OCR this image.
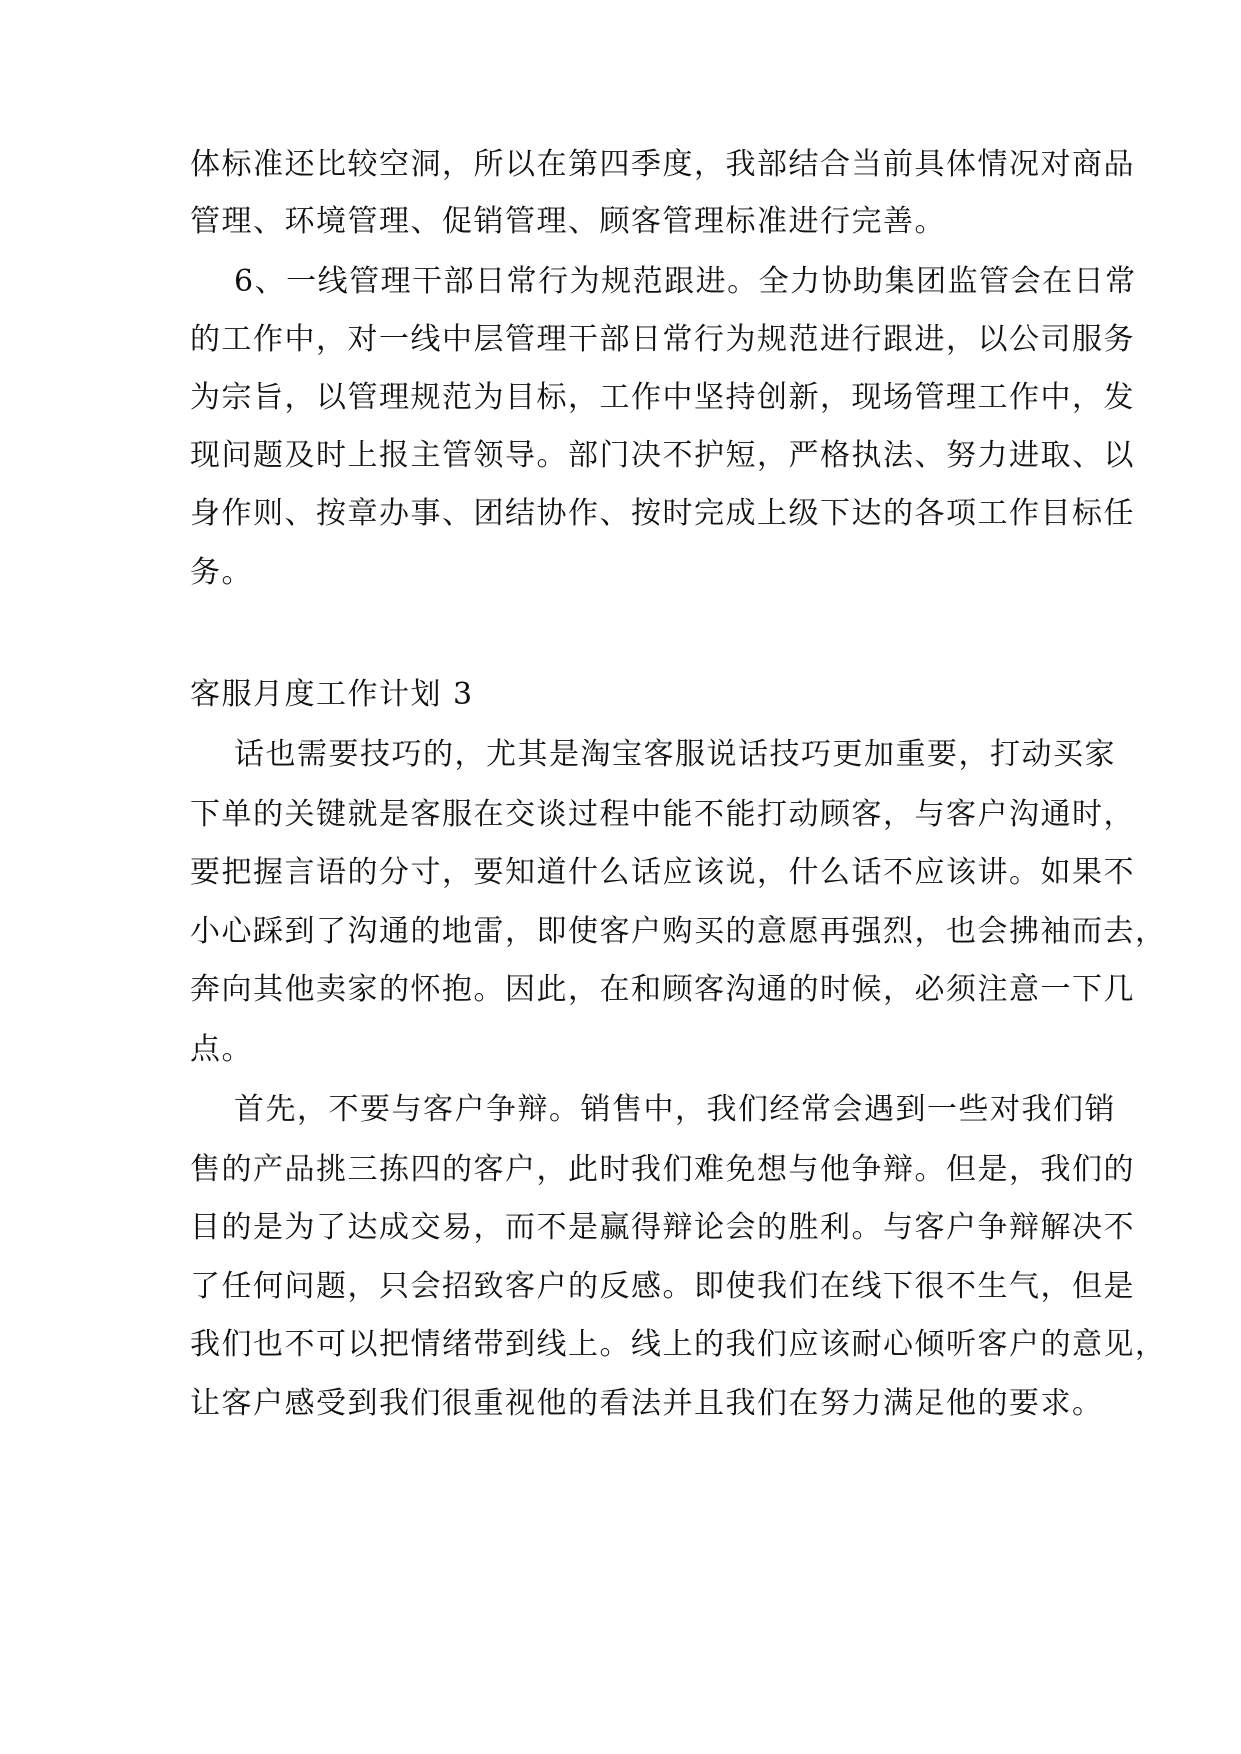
体标准还比较空洞，所以在第四季度，我部结合当前具体情况对商品
管理、环境管理、促销管理、顾客管理标准进行完善。
6、一线管理干部日常行为规范跟进。全力协助集团监管会在日常
的工作中，对一线中层管理干部日常行为规范进行跟进，以公司服务
为宗旨，以管理规范为目标，工作中坚持创新，现场管理工作中，发
现问题及时上报主管领导。部门决不护短，严格执法、努力进取、以
身作则、按章办事、团结协作、按时完成上级下达的各项工作目标任
务。
客服月度工作计划 3
话也需要技巧的，尤其是淘宝客服说话技巧更加重要，打动买家
下单的关键就是客服在交谈过程中能不能打动顾客，与客户沟通时，
要把握言语的分寸，要知道什么话应该说，什么话不应该讲。如果不
小心踩到了沟通的地雷，即使客户购买的意愿再强烈，也会拂袖而去，
奔向其他卖家的怀抱。因此，在和顾客沟通的时候，必须注意一下几
点。
首先，不要与客户争辩。销售中，我们经常会遇到一些对我们销
售的产品挑三拣四的客户，此时我们难免想与他争辩。但是，我们的
目的是为了达成交易，而不是赢得辩论会的胜利。与客户争辩解决不
了任何问题，只会招致客户的反感。即使我们在线下很不生气，但是
我们也不可以把情绪带到线上。线上的我们应该耐心倾听客户的意见，
让客户感受到我们很重视他的看法并且我们在努力满足他的要求。
